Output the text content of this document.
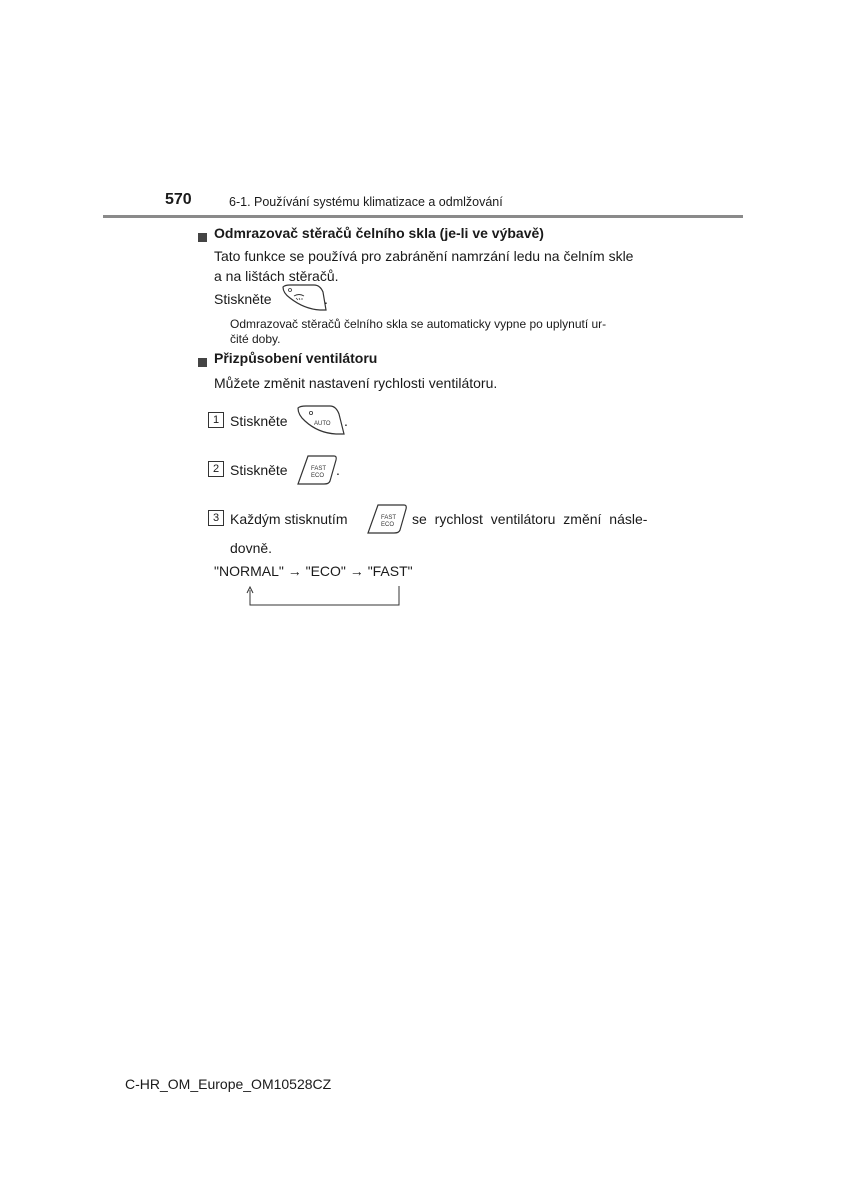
570	6-1. Používání systému klimatizace a odmlžování
Odmrazovač stěračů čelního skla (je-li ve výbavě)
Tato funkce se používá pro zabránění namrzání ledu na čelním skle
a na lištách stěračů.
Stiskněte	.
Odmrazovač stěračů čelního skla se automaticky vypne po uplynutí ur-
čité doby.
Přizpůsobení ventilátoru
Můžete změnit nastavení rychlosti ventilátoru.
1 Stiskněte	AUTO .
2 Stiskněte	FAST
ECO .
3 Každým stisknutím	FAST
ECO se rychlost ventilátoru změní násle-
dovně.
"NORMAL" → "ECO" → "FAST"
C-HR_OM_Europe_OM10528CZ
